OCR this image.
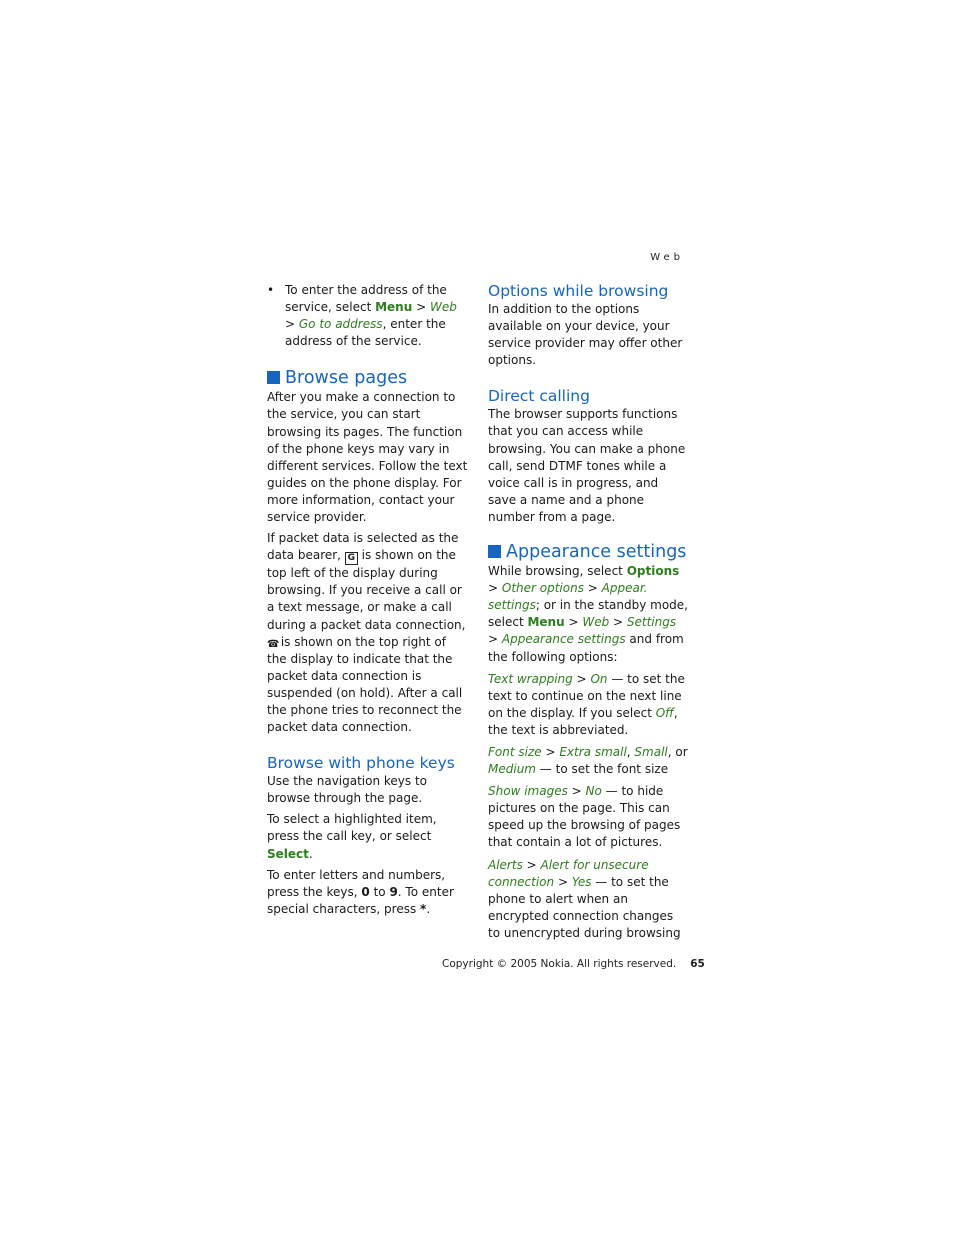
Web
• To enter the address of the service, select Menu > Web > Go to address, enter the address of the service.
Browse pages

After you make a connection to the service, you can start browsing its pages. The function of the phone keys may vary in different services. Follow the text guides on the phone display. For more information, contact your service provider.

If packet data is selected as the data bearer, G is shown on the top left of the display during browsing. If you receive a call or a text message, or make a call during a packet data connection, ☎ is shown on the top right of the display to indicate that the packet data connection is suspended (on hold). After a call the phone tries to reconnect the packet data connection.

Browse with phone keys

Use the navigation keys to browse through the page.

To select a highlighted item, press the call key, or select Select.

To enter letters and numbers, press the keys, 0 to 9. To enter special characters, press *.

Options while browsing

In addition to the options available on your device, your service provider may offer other options.

Direct calling

The browser supports functions that you can access while browsing. You can make a phone call, send DTMF tones while a voice call is in progress, and save a name and a phone number from a page.

Appearance settings

While browsing, select Options > Other options > Appear. settings; or in the standby mode, select Menu > Web > Settings > Appearance settings and from the following options:

Text wrapping > On — to set the text to continue on the next line on the display. If you select Off, the text is abbreviated.

Font size > Extra small, Small, or Medium — to set the font size

Show images > No — to hide pictures on the page. This can speed up the browsing of pages that contain a lot of pictures.

Alerts > Alert for unsecure connection > Yes — to set the phone to alert when an encrypted connection changes to unencrypted during browsing

Copyright © 2005 Nokia. All rights reserved. 65
